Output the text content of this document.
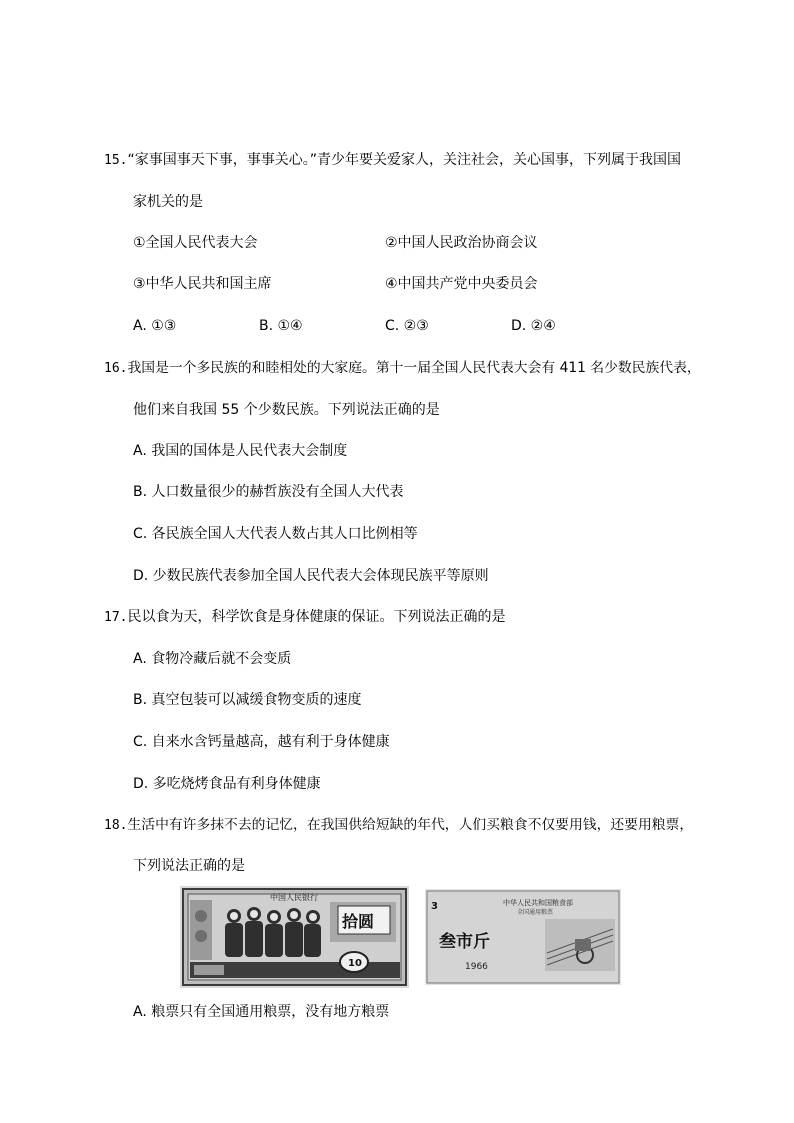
15.“家事国事天下事，事事关心。”青少年要关爱家人，关注社会，关心国事，下列属于我国国
家机关的是
①全国人民代表大会	②中国人民政治协商会议
③中华人民共和国主席	④中国共产党中央委员会
A. ①③	B. ①④	C. ②③	D. ②④
16.我国是一个多民族的和睦相处的大家庭。第十一届全国人民代表大会有 411 名少数民族代表，
他们来自我国 55 个少数民族。下列说法正确的是
A. 我国的国体是人民代表大会制度
B. 人口数量很少的赫哲族没有全国人大代表
C. 各民族全国人大代表人数占其人口比例相等
D. 少数民族代表参加全国人民代表大会体现民族平等原则
17.民以食为天，科学饮食是身体健康的保证。下列说法正确的是
A. 食物冷藏后就不会变质
B. 真空包装可以减缓食物变质的速度
C. 自来水含钙量越高，越有利于身体健康
D. 多吃烧烤食品有利身体健康
18.生活中有许多抹不去的记忆，在我国供给短缺的年代，人们买粮食不仅要用钱，还要用粮票，
下列说法正确的是
中国人民银行
拾圆
10
中华人民共和国粮食部
全国通用粮票
3
叁市斤
1966
A. 粮票只有全国通用粮票，没有地方粮票
